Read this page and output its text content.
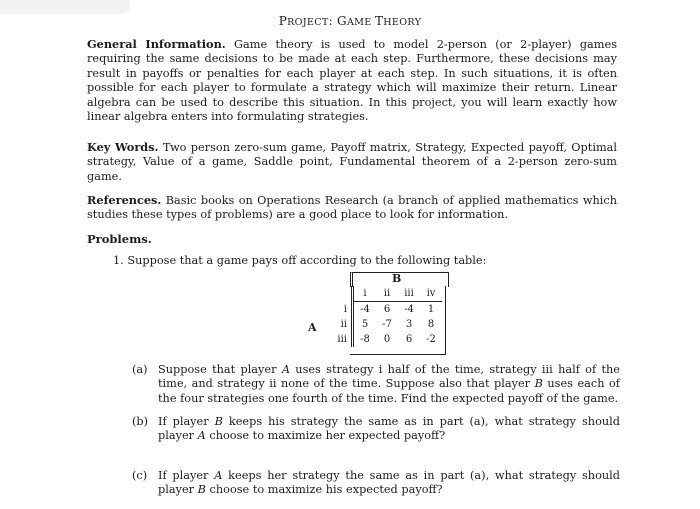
PROJECT: GAME THEORY
General Information. Game theory is used to model 2-person (or 2-player) games requiring the same decisions to be made at each step. Furthermore, these decisions may result in payoffs or penalties for each player at each step. In such situations, it is often possible for each player to formulate a strategy which will maximize their return. Linear algebra can be used to describe this situation. In this project, you will learn exactly how linear algebra enters into formulating strategies.
Key Words. Two person zero-sum game, Payoff matrix, Strategy, Expected payoff, Optimal strategy, Value of a game, Saddle point, Fundamental theorem of a 2-person zero-sum game.
References. Basic books on Operations Research (a branch of applied mathematics which studies these types of problems) are a good place to look for information.
Problems.
1. Suppose that a game pays off according to the following table:
B
A
	i	ii	iii	iv
i	-4	6	-4	1
ii	5	-7	3	8
iii	-8	0	6	-2
(a) Suppose that player A uses strategy i half of the time, strategy iii half of the time, and strategy ii none of the time. Suppose also that player B uses each of the four strategies one fourth of the time. Find the expected payoff of the game.
(b) If player B keeps his strategy the same as in part (a), what strategy should player A choose to maximize her expected payoff?
(c) If player A keeps her strategy the same as in part (a), what strategy should player B choose to maximize his expected payoff?
